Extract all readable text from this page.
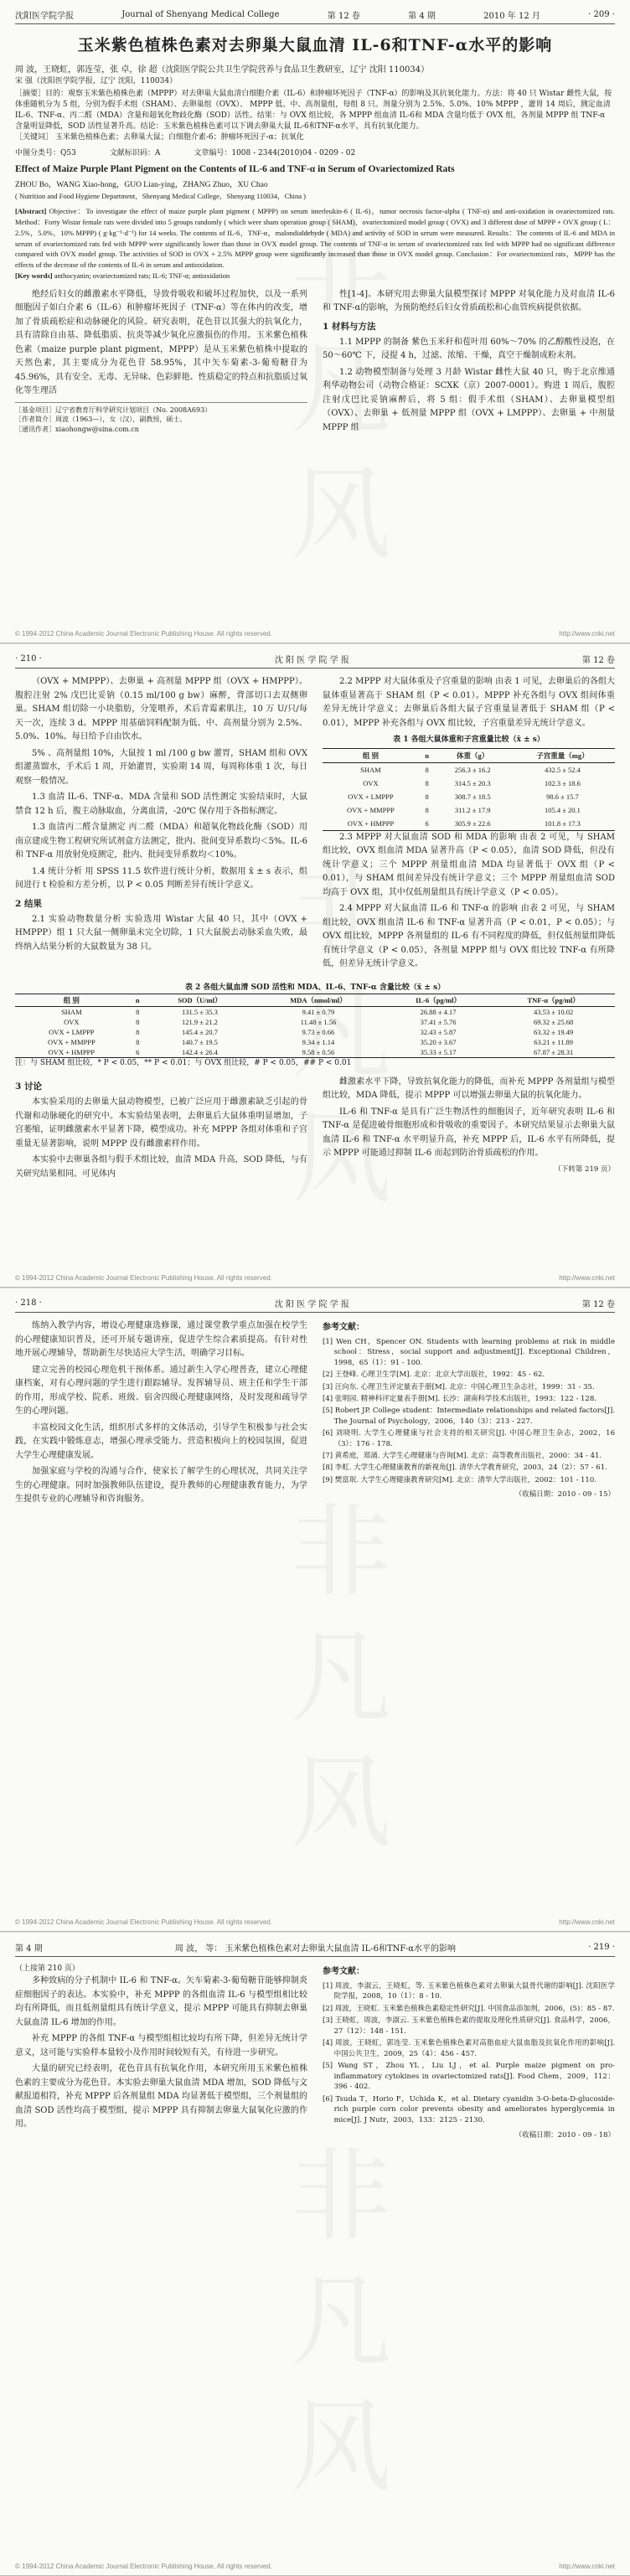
沈阳医学院学报	Journal of Shenyang Medical College	第 12 卷	第 4 期	2010 年 12 月	· 209 ·
玉米紫色植株色素对去卵巢大鼠血清 IL-6和TNF-α水平的影响
周 波，王晓虹，郭连莹，张 卓，徐 超（沈阳医学院公共卫生学院营养与食品卫生教研室，辽宁 沈阳 110034）
宋 强（沈阳医学院学报，辽宁 沈阳，110034）
［摘要］目的：观察玉米紫色植株色素（MPPP）对去卵巢大鼠血清白细胞介素（IL-6）和肿瘤坏死因子（TNF-α）的影响及其抗氧化能力。方法：将 40 只 Wistar 雌性大鼠，按体重随机分为 5 组，分别为假手术组（SHAM）、去卵巢组（OVX）、 MPPP 低、中、高剂量组，每组 8 只。剂量分别为 2.5%、5.0%、10% MPPP ，灌胃 14 周后，测定血清 IL-6、TNF-α、丙二醛（MDA）含量和超氧化物歧化酶（SOD）活性。结果：与 OVX 组比较，各 MPPP 组血清 IL-6和 MDA 含量均低于 OVX 组，各剂量 MPPP 组 TNF-α 含量明显降低，SOD 活性显著升高。结论：玉米紫色植株色素可以下调去卵巢大鼠 IL-6和TNF-α水平，具有抗氧化能力。
［关键词］ 玉米紫色植株色素；去卵巢大鼠；白细胞介素-6；肿瘤坏死因子-α；抗氧化
中图分类号：Q53	文献标识码：A	文章编号：1008 - 2344(2010)04 - 0209 - 02
Effect of Maize Purple Plant Pigment on the Contents of IL-6 and TNF-α in Serum of Ovariectomized Rats
ZHOU Bo，WANG Xiao-hong，GUO Lian-ying，ZHANG Zhuo，XU Chao
( Nutrition and Food Hygiene Department，Shenyang Medical College，Shenyang 110034，China )
[Abstract] Objective：To investigate the effect of maize purple plant pigment ( MPPP) on serum interleukin-6 ( IL-6)，tumor necrosis factor-alpha ( TNF-α) and anti-oxidation in ovariectomized rats. Method：Forty Wistar female rats were divided into 5 groups randomly ( which were sham operation group ( SHAM)，ovariectomized model group ( OVX) and 3 different dose of MPPP + OVX group ( L：2.5%，5.0%，10% MPPP) ( g·kg⁻¹·d⁻¹) for 14 weeks. The contents of IL-6，TNF-α，malondialdehyde ( MDA) and activity of SOD in serum were measured. Results：The contents of IL-6 and MDA in serum of ovariectomized rats fed with MPPP were significantly lower than those in OVX model group. The contents of TNF-α in serum of ovariectomized rats fed with MPPP had no significant difference compared with OVX model group. The activities of SOD in OVX + 2.5% MPPP group were significantly increased than those in OVX model group. Conclusion：For ovariectomized rats，MPPP has the effects of the decrease of the contents of IL-6 in serum and antioxidation.
[Key words] anthocyanin; ovariectomized rats; IL-6; TNF-α; antioxidation

绝经后妇女的雌激素水平降低，导致骨吸收和破坏过程加快，以及一系列细胞因子如白介素 6（IL-6）和肿瘤坏死因子（TNF-α）等在体内的改变，增加了骨质疏松症和动脉硬化的风险。研究表明，花色苷以其强大的抗氧化力，具有清除自由基、降低脂质、抗炎等减少氧化应激损伤的作用。玉米紫色植株色素（maize purple plant pigment，MPPP）是从玉米紫色植株中提取的天然色素，其主要成分为花色苷 58.95%，其中矢车菊素-3-葡萄糖苷为 45.96%，具有安全、无毒、无异味、色彩鲜艳、性质稳定的特点和抗脂质过氧化等生理活

［基金项目］辽宁省教育厅科学研究计划项目（No. 2008A693）
［作者简介］周波（1963—），女（汉），副教授，硕士。
［通讯作者］xiaohongw@sina.com.cn

性[1-4]。本研究用去卵巢大鼠模型探讨 MPPP 对氧化能力及对血清 IL-6和 TNF-α的影响，为预防绝经后妇女骨质疏松和心血管疾病提供依据。

1 材料与方法

1.1 MPPP 的制备 紫色玉米秆和苞叶用 60%～70% 的乙醇酸性浸泡，在 50～60℃ 下，浸提 4 h，过滤、浓缩、干燥，真空干燥制成粉末剂。

1.2 动物模型制备与处理 3 月龄 Wistar 雌性大鼠 40 只，购于北京维通利华动物公司（动物合格证：SCXK（京）2007-0001）。购进 1 周后，腹腔注射戊巴比妥钠麻醉后，将 5 组：假手术组（SHAM）、去卵巢模型组（OVX）、去卵巢 + 低剂量 MPPP 组（OVX + LMPPP）、去卵巢 + 中剂量 MPPP 组

© 1994-2012 China Academic Journal Electronic Publishing House. All rights reserved.	http://www.cnki.net
· 210 ·	沈 阳 医 学 院 学 报	第 12 卷

（OVX + MMPPP）、去卵巢 + 高剂量 MPPP 组（OVX + HMPPP）。腹腔注射 2% 戊巴比妥钠（0.15 ml/100 g bw）麻醉，背部切口去双侧卵巢。SHAM 组切除一小块脂肪，分笼喂养，术后青霉素肌注，10 万 U/只/每天一次，连续 3 d。MPPP 用基础饲料配制为低、中、高剂量分别为 2.5%、5.0%、10%。每日给予自由饮水。

5% 、高剂量组 10%，大鼠按 1 ml /100 g bw 灌胃，SHAM 组和 OVX 组灌蒸馏水，手术后 1 周，开始灌胃，实验期 14 周，每周称体重 1 次，每日观察一般情况。

1.3 血清 IL-6、TNF-α、MDA 含量和 SOD 活性测定 实验结束时，大鼠禁食 12 h 后，腹主动脉取血，分离血清，-20℃ 保存用于各指标测定。

1.3 血清丙二醛含量测定 丙二醛（MDA）和超氧化物歧化酶（SOD）用南京建成生物工程研究所试剂盒方法测定，批内、批间变异系数均＜5%。IL-6和 TNF-α 用放射免疫测定，批内、批间变异系数均＜10%。

1.4 统计分析 用 SPSS 11.5 软件进行统计分析，数据用 x̄ ± s 表示，组间进行 t 检验和方差分析，以 P < 0.05 判断差异有统计学意义。

2 结果

2.1 实验动物数量分析 实验选用 Wistar 大鼠 40 只，其中（OVX + HMPPP）组 1 只大鼠一侧卵巢未完全切除，1 只大鼠脱去动脉采血失败，最终纳入结果分析的大鼠数量为 38 只。

2.2 MPPP 对大鼠体重及子宫重量的影响 由表 1 可见，去卵巢后的各组大鼠体重显著高于 SHAM 组（P < 0.01）。MPPP 补充各组与 OVX 组间体重差异无统计学意义；去卵巢后各组大鼠子宫重量显著低于 SHAM 组（P < 0.01），MPPP 补充各组与 OVX 组比较，子宫重量差异无统计学意义。

表 1 各组大鼠体重和子宫重量比较（x̄ ± s）
组 别	n	体重（g）	子宫重量（mg）
SHAM	8	256.3 ± 16.2	432.5 ± 52.4
OVX	8	314.5 ± 20.3	102.3 ± 18.6
OVX + LMPPP	8	308.7 ± 18.5	98.6 ± 15.7
OVX + MMPPP	8	311.2 ± 17.9	105.4 ± 20.1
OVX + HMPPP	6	305.9 ± 22.6	101.8 ± 17.3

2.3 MPPP 对大鼠血清 SOD 和 MDA 的影响 由表 2 可见，与 SHAM 组比较，OVX 组血清 MDA 显著升高（P < 0.05），血清 SOD 降低，但没有统计学意义；三个 MPPP 剂量组血清 MDA 均显著低于 OVX 组（P < 0.01），与 SHAM 组间差异没有统计学意义；三个 MPPP 剂量组血清 SOD 均高于 OVX 组，其中仅低剂量组具有统计学意义（P < 0.05）。

2.4 MPPP 对大鼠血清 IL-6 和 TNF-α 的影响 由表 2 可见，与 SHAM 组比较，OVX 组血清 IL-6 和 TNF-α 显著升高（P < 0.01，P < 0.05）；与 OVX 组比较，MPPP 各剂量组的 IL-6 有不同程度的降低，但仅低剂量组降低有统计学意义（P < 0.05），各剂量 MPPP 组与 OVX 组比较 TNF-α 有所降低，但差异无统计学意义。

表 2 各组大鼠血清 SOD 活性和 MDA、IL-6、TNF-α 含量比较（x̄ ± s）
组 别	n	SOD（U/ml）	MDA（nmol/ml）	IL-6（pg/ml）	TNF-α（pg/ml）
SHAM	8	131.5 ± 35.3	9.41 ± 0.79	26.88 ± 4.17	43.53 ± 10.02
OVX	8	121.9 ± 21.2	11.48 ± 1.56	37.41 ± 5.76	69.32 ± 25.68
OVX + LMPPP	8	145.4 ± 20.7	9.73 ± 0.66	32.43 ± 5.87	63.32 ± 19.49
OVX + MMPPP	8	140.7 ± 19.5	9.34 ± 1.14	35.20 ± 3.67	63.21 ± 11.89
OVX + HMPPP	6	142.4 ± 26.4	9.58 ± 0.56	35.33 ± 5.17	67.87 ± 28.31
注：与 SHAM 组比较，* P < 0.05，** P < 0.01；与 OVX 组比较，# P < 0.05，## P < 0.01
3 讨论

本实验采用的去卵巢大鼠动物模型，已被广泛应用于雌激素缺乏引起的骨代谢和动脉硬化的研究中。本实验结果表明，去卵巢后大鼠体重明显增加，子宫萎缩，证明雌激素水平显著下降，模型成功。补充 MPPP 各组对体重和子宫重量无显著影响，说明 MPPP 没有雌激素样作用。

本实验中去卵巢各组与假手术组比较，血清 MDA 升高，SOD 降低，与有关研究结果相同。可见体内

雌激素水平下降，导致抗氧化能力的降低，而补充 MPPP 各剂量组与模型组比较，MDA 降低，提示 MPPP 可以增强去卵巢大鼠的抗氧化能力。

IL-6 和 TNF-α 是具有广泛生物活性的细胞因子，近年研究表明 IL-6 和 TNF-α 是促进破骨细胞形成和骨吸收的重要因子。本研究结果显示去卵巢大鼠血清 IL-6 和 TNF-α 水平明显升高，补充 MPPP 后，IL-6 水平有所降低，提示 MPPP 可能通过抑制 IL-6 而起到防治骨质疏松的作用。

（下转第 219 页）
© 1994-2012 China Academic Journal Electronic Publishing House. All rights reserved.	http://www.cnki.net
· 218 ·	沈 阳 医 学 院 学 报	第 12 卷

练纳入教学内容，增设心理健康选修课，通过课堂教学重点加强在校学生的心理健康知识普及，还可开展专题讲座，促进学生综合素质提高。有针对性地开展心理辅导，帮助新生尽快适应大学生活，明确学习目标。

建立完善的校园心理危机干预体系。通过新生入学心理普查，建立心理健康档案，对有心理问题的学生进行跟踪辅导。发挥辅导员、班主任和学生干部的作用，形成学校、院系、班级、宿舍四级心理健康网络，及时发现和疏导学生的心理问题。

丰富校园文化生活，组织形式多样的文体活动，引导学生积极参与社会实践，在实践中锻炼意志，增强心理承受能力。营造积极向上的校园氛围，促进大学生心理健康发展。

加强家庭与学校的沟通与合作，使家长了解学生的心理状况，共同关注学生的心理健康。同时加强教师队伍建设，提升教师的心理健康教育能力，为学生提供专业的心理辅导和咨询服务。

参考文献：
[1] Wen CH，Spencer ON. Students with learning problems at risk in middle school：Stress，social support and adjustment[J]. Exceptional Children，1998，65（1）：91 - 100.
[2] 王登峰. 心理卫生学[M]. 北京：北京大学出版社，1992：45 - 62.
[3] 汪向东. 心理卫生评定量表手册[M]. 北京：中国心理卫生杂志社，1999：31 - 35.
[4] 张明园. 精神科评定量表手册[M]. 长沙：湖南科学技术出版社，1993：122 - 128.
[5] Robert JP. College student：Intermediate relationships and related factors[J]. The Journal of Psychology，2006，140（3）：213 - 227.
[6] 刘晓明. 大学生心理健康与社会支持的相关研究[J]. 中国心理卫生杂志，2002，16（3）：176 - 178.
[7] 黄希庭，郑涌. 大学生心理健康与咨询[M]. 北京：高等教育出版社，2000：34 - 41.
[8] 李虹. 大学生心理健康教育的新视角[J]. 清华大学教育研究，2003，24（2）：57 - 61.
[9] 樊富珉. 大学生心理健康教育研究[M]. 北京：清华大学出版社，2002：101 - 110.
（收稿日期：2010 - 09 - 15）
© 1994-2012 China Academic Journal Electronic Publishing House. All rights reserved.	http://www.cnki.net
第 4 期	周 波， 等： 玉米紫色植株色素对去卵巢大鼠血清 IL-6和TNF-α水平的影响	· 219 ·
（上接第 210 页）

多种致病的分子机制中 IL-6 和 TNF-α。矢车菊素-3-葡萄糖苷能够抑制炎症细胞因子的表达。本实验中，补充 MPPP 的各组血清 IL-6 与模型组相比较均有所降低，而且低剂量组具有统计学意义，提示 MPPP 可能具有抑制去卵巢大鼠血清 IL-6 增加的作用。

补充 MPPP 的各组 TNF-α 与模型组相比较均有所下降，但差异无统计学意义，这可能与实验样本量较小及作用时间较短有关，有待进一步研究。

大量的研究已经表明，花色苷具有抗氧化作用，本研究所用玉米紫色植株色素的主要成分为花色苷。本实验去卵巢大鼠血清 MDA 增加，SOD 降低与文献报道相符，补充 MPPP 后各剂量组 MDA 均显著低于模型组，三个剂量组的血清 SOD 活性均高于模型组，提示 MPPP 具有抑制去卵巢大鼠氧化应激的作用。

参考文献：
[1] 周波，李淑云，王晓虹，等. 玉米紫色植株色素对去卵巢大鼠骨代谢的影响[J]. 沈阳医学院学报，2008，10（1）：8 - 10.
[2] 周波，王晓虹. 玉米紫色植株色素稳定性研究[J]. 中国食品添加剂，2006，(5)：85 - 87.
[3] 王晓虹，周波，李淑云. 玉米紫色植株色素的提取及理化性质研究[J]. 食品科学，2006，27（12）：148 - 151.
[4] 周波，王晓虹，郭连莹. 玉米紫色植株色素对高脂血症大鼠血脂及抗氧化作用的影响[J]. 中国公共卫生，2009，25（4）：456 - 457.
[5] Wang ST，Zhou YL，Liu LJ，et al. Purple maize pigment on pro-inflammatory cytokines in ovariectomized rats[J]. Food Chem，2009，112：396 - 402.
[6] Tsuda T，Horio F，Uchida K，et al. Dietary cyanidin 3-O-beta-D-glucoside-rich purple corn color prevents obesity and ameliorates hyperglycemia in mice[J]. J Nutr，2003，133：2125 - 2130.
（收稿日期：2010 - 09 - 18）
© 1994-2012 China Academic Journal Electronic Publishing House. All rights reserved.	http://www.cnki.net
